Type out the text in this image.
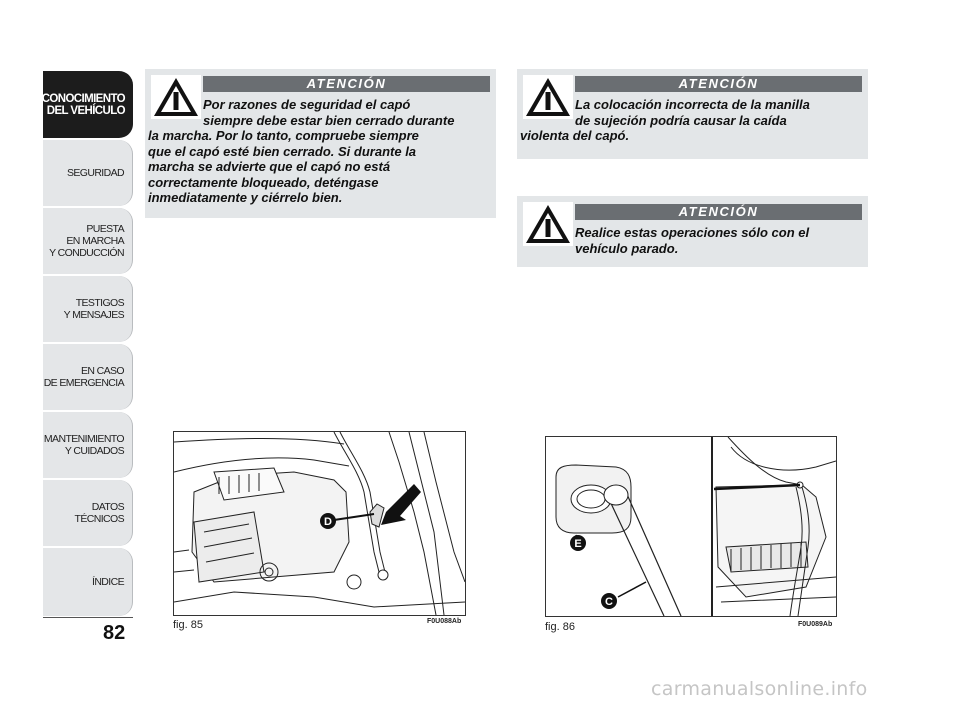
CONOCIMIENTO
DEL VEHÍCULO
SEGURIDAD
PUESTA
EN MARCHA
Y CONDUCCIÓN
TESTIGOS
Y MENSAJES
EN CASO
DE EMERGENCIA
MANTENIMIENTO
Y CUIDADOS
DATOS TÉCNICOS
ÍNDICE
82
ATENCIÓN
Por razones de seguridad el capó
siempre debe estar bien cerrado durante
la marcha. Por lo tanto, compruebe siempre
que el capó esté bien cerrado. Si durante la
marcha se advierte que el capó no está
correctamente bloqueado, deténgase
inmediatamente y ciérrelo bien.
ATENCIÓN
La colocación incorrecta de la manilla
de sujeción podría causar la caída
violenta del capó.
ATENCIÓN
Realice estas operaciones sólo con el
vehículo parado.
D
fig. 85	F0U088Ab
E
C
fig. 86	F0U089Ab
carmanualsonline.info
